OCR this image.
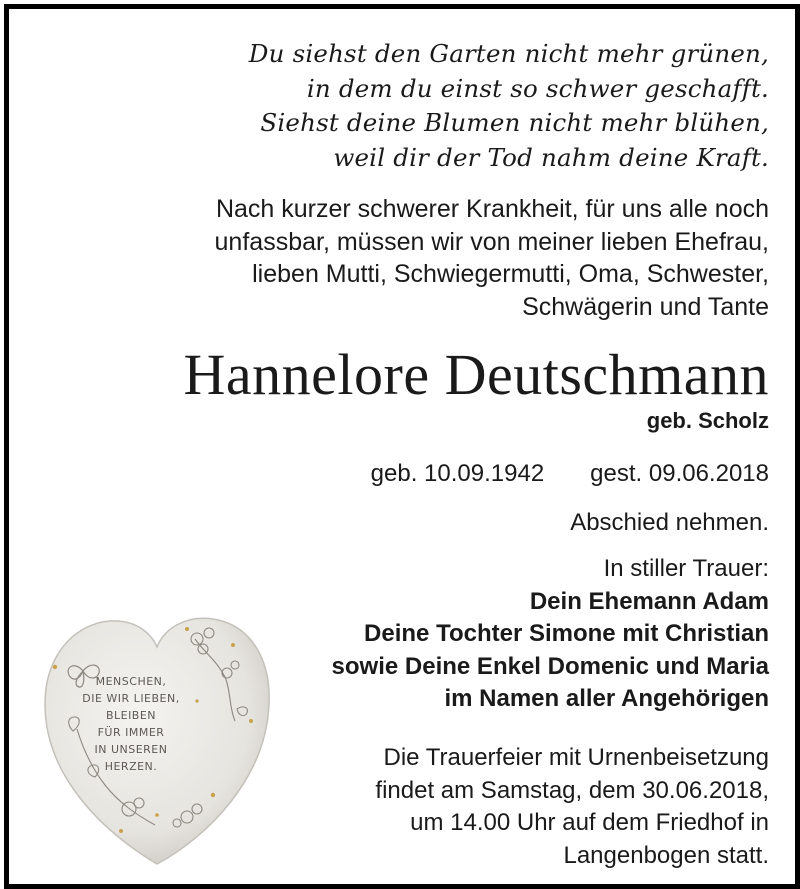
Du siehst den Garten nicht mehr grünen,
in dem du einst so schwer geschafft.
Siehst deine Blumen nicht mehr blühen,
weil dir der Tod nahm deine Kraft.
Nach kurzer schwerer Krankheit, für uns alle noch
unfassbar, müssen wir von meiner lieben Ehefrau,
lieben Mutti, Schwiegermutti, Oma, Schwester,
Schwägerin und Tante
Hannelore Deutschmann
geb. Scholz
geb. 10.09.1942 gest. 09.06.2018
Abschied nehmen.
In stiller Trauer:
Dein Ehemann Adam
Deine Tochter Simone mit Christian
sowie Deine Enkel Domenic und Maria
im Namen aller Angehörigen
Die Trauerfeier mit Urnenbeisetzung
findet am Samstag, dem 30.06.2018,
um 14.00 Uhr auf dem Friedhof in
Langenbogen statt.
MENSCHEN,
DIE WIR LIEBEN,
BLEIBEN
FÜR IMMER
IN UNSEREN
HERZEN.
